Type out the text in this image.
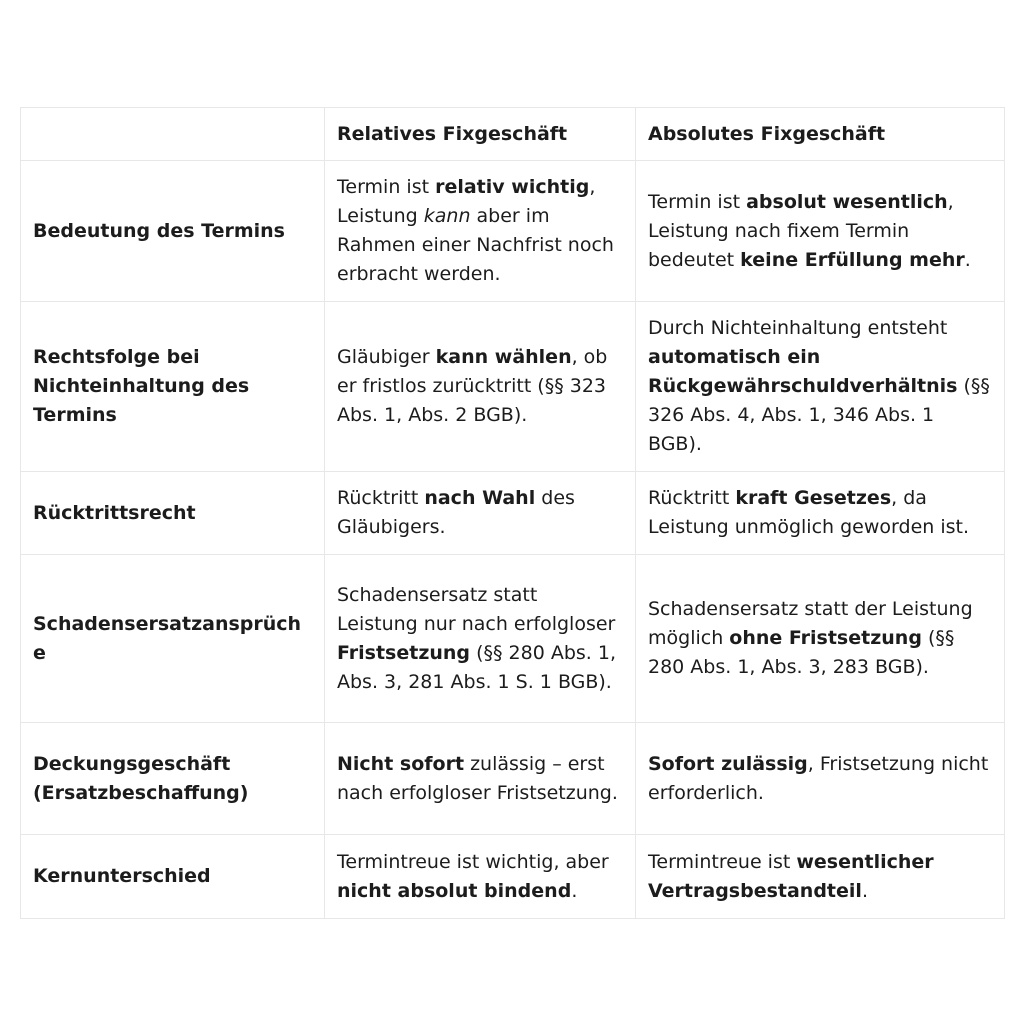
	Relatives Fixgeschäft	Absolutes Fixgeschäft
Bedeutung des Termins	Termin ist relativ wichtig, Leistung kann aber im Rahmen einer Nachfrist noch erbracht werden.	Termin ist absolut wesentlich, Leistung nach fixem Termin bedeutet keine Erfüllung mehr.
Rechtsfolge bei Nichteinhaltung des Termins	Gläubiger kann wählen, ob er fristlos zurücktritt (§§ 323 Abs. 1, Abs. 2 BGB).	Durch Nichteinhaltung entsteht automatisch ein Rückgewährschuldverhältnis (§§ 326 Abs. 4, Abs. 1, 346 Abs. 1 BGB).
Rücktrittsrecht	Rücktritt nach Wahl des Gläubigers.	Rücktritt kraft Gesetzes, da Leistung unmöglich geworden ist.
Schadensersatzansprüche	Schadensersatz statt Leistung nur nach erfolgloser Fristsetzung (§§ 280 Abs. 1, Abs. 3, 281 Abs. 1 S. 1 BGB).	Schadensersatz statt der Leistung möglich ohne Fristsetzung (§§ 280 Abs. 1, Abs. 3, 283 BGB).
Deckungsgeschäft (Ersatzbeschaffung)	Nicht sofort zulässig – erst nach erfolgloser Fristsetzung.	Sofort zulässig, Fristsetzung nicht erforderlich.
Kernunterschied	Termintreue ist wichtig, aber nicht absolut bindend.	Termintreue ist wesentlicher Vertragsbestandteil.
